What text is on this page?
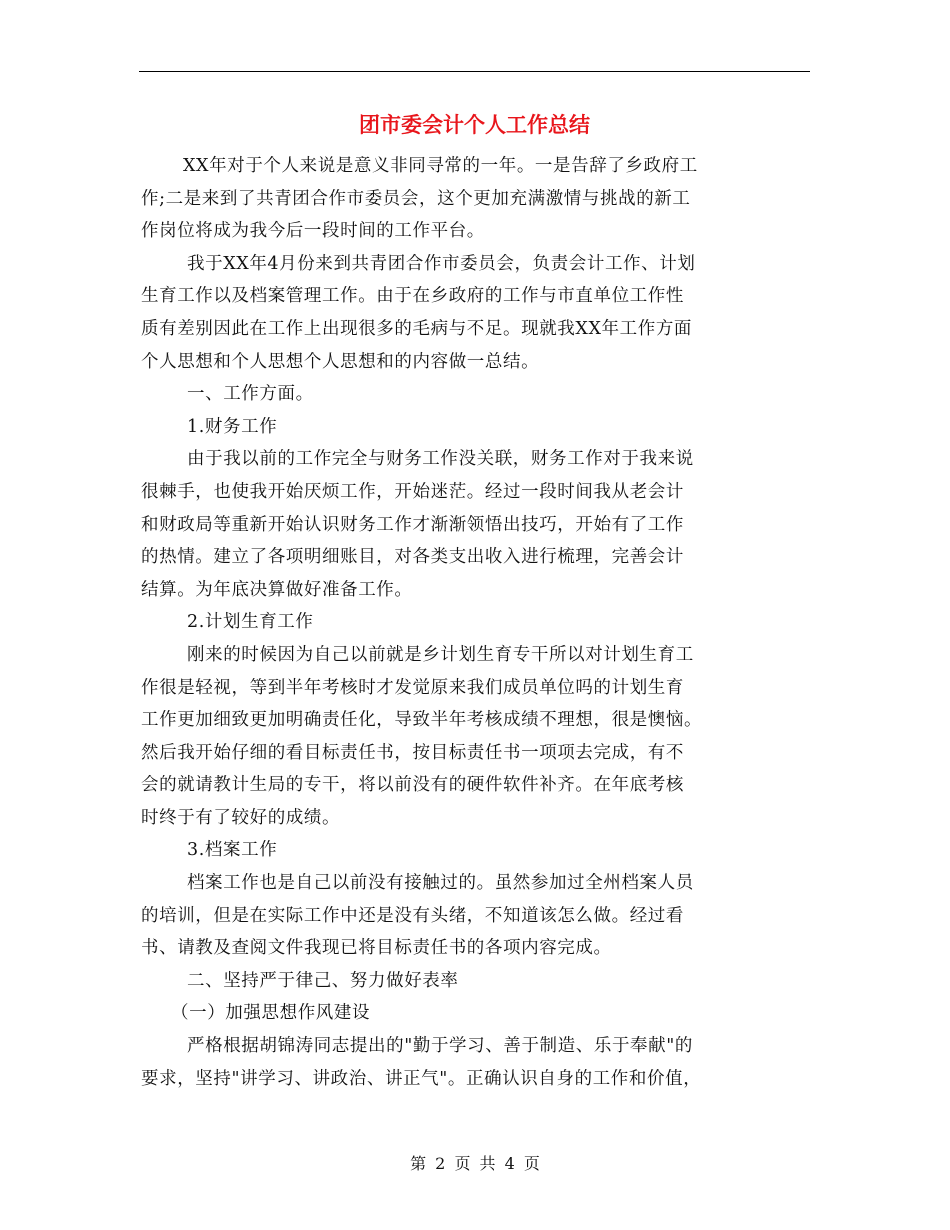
团市委会计个人工作总结
XX年对于个人来说是意义非同寻常的一年。一是告辞了乡政府工
作;二是来到了共青团合作市委员会，这个更加充满激情与挑战的新工
作岗位将成为我今后一段时间的工作平台。
我于XX年4月份来到共青团合作市委员会，负责会计工作、计划
生育工作以及档案管理工作。由于在乡政府的工作与市直单位工作性
质有差别因此在工作上出现很多的毛病与不足。现就我XX年工作方面
个人思想和个人思想个人思想和的内容做一总结。
一、工作方面。
1.财务工作
由于我以前的工作完全与财务工作没关联，财务工作对于我来说
很棘手，也使我开始厌烦工作，开始迷茫。经过一段时间我从老会计
和财政局等重新开始认识财务工作才渐渐领悟出技巧，开始有了工作
的热情。建立了各项明细账目，对各类支出收入进行梳理，完善会计
结算。为年底决算做好准备工作。
2.计划生育工作
刚来的时候因为自己以前就是乡计划生育专干所以对计划生育工
作很是轻视，等到半年考核时才发觉原来我们成员单位吗的计划生育
工作更加细致更加明确责任化，导致半年考核成绩不理想，很是懊恼。
然后我开始仔细的看目标责任书，按目标责任书一项项去完成，有不
会的就请教计生局的专干，将以前没有的硬件软件补齐。在年底考核
时终于有了较好的成绩。
3.档案工作
档案工作也是自己以前没有接触过的。虽然参加过全州档案人员
的培训，但是在实际工作中还是没有头绪，不知道该怎么做。经过看
书、请教及查阅文件我现已将目标责任书的各项内容完成。
二、坚持严于律己、努力做好表率
（一）加强思想作风建设
严格根据胡锦涛同志提出的"勤于学习、善于制造、乐于奉献"的
要求，坚持"讲学习、讲政治、讲正气"。正确认识自身的工作和价值，
第 2 页 共 4 页
